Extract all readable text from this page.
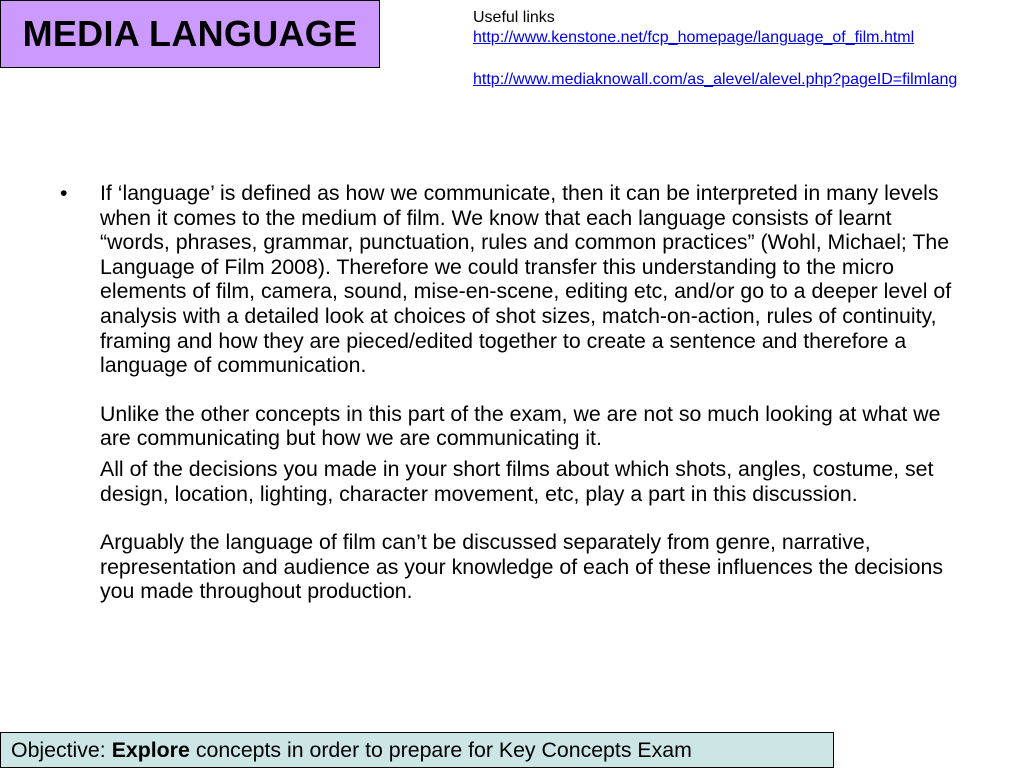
MEDIA LANGUAGE	Useful links
http://www.kenstone.net/fcp_homepage/language_of_film.html
http://www.mediaknowall.com/as_alevel/alevel.php?pageID=filmlang
•	If ‘language’ is defined as how we communicate, then it can be interpreted in many levels when it comes to the medium of film. We know that each language consists of learnt “words, phrases, grammar, punctuation, rules and common practices” (Wohl, Michael; The Language of Film 2008). Therefore we could transfer this understanding to the micro elements of film, camera, sound, mise-en-scene, editing etc, and/or go to a deeper level of analysis with a detailed look at choices of shot sizes, match-on-action, rules of continuity, framing and how they are pieced/edited together to create a sentence and therefore a language of communication.

Unlike the other concepts in this part of the exam, we are not so much looking at what we are communicating but how we are communicating it.

All of the decisions you made in your short films about which shots, angles, costume, set design, location, lighting, character movement, etc, play a part in this discussion.

Arguably the language of film can’t be discussed separately from genre, narrative, representation and audience as your knowledge of each of these influences the decisions you made throughout production.

Objective: Explore concepts in order to prepare for Key Concepts Exam
